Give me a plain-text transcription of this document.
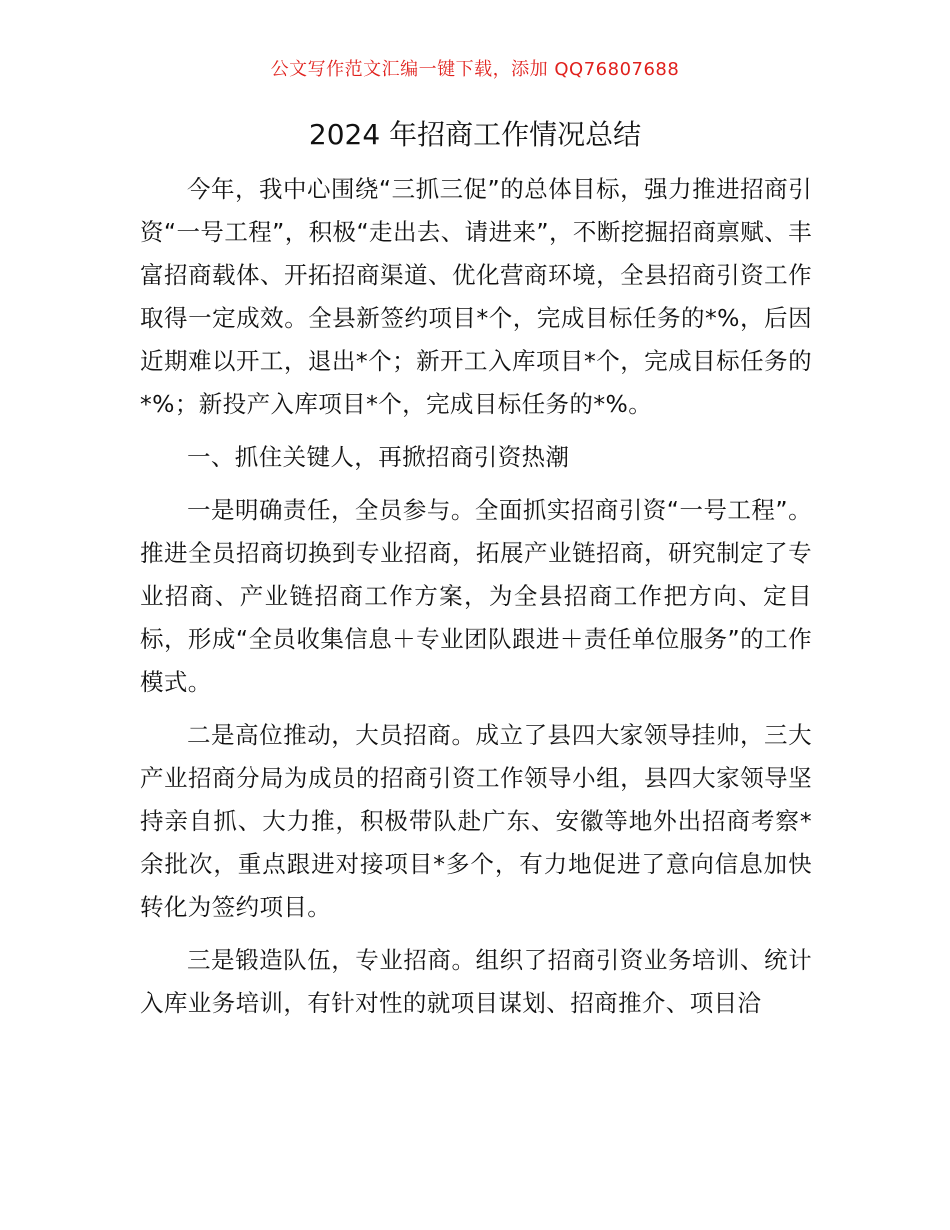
公文写作范文汇编一键下载，添加 QQ76807688
2024 年招商工作情况总结

今年，我中心围绕“三抓三促”的总体目标，强力推进招商引资“一号工程”，积极“走出去、请进来”，不断挖掘招商禀赋、丰富招商载体、开拓招商渠道、优化营商环境，全县招商引资工作取得一定成效。全县新签约项目*个，完成目标任务的*%，后因近期难以开工，退出*个；新开工入库项目*个，完成目标任务的*%；新投产入库项目*个，完成目标任务的*%。

一、抓住关键人，再掀招商引资热潮

一是明确责任，全员参与。全面抓实招商引资“一号工程”。推进全员招商切换到专业招商，拓展产业链招商，研究制定了专业招商、产业链招商工作方案，为全县招商工作把方向、定目标，形成“全员收集信息＋专业团队跟进＋责任单位服务”的工作模式。

二是高位推动，大员招商。成立了县四大家领导挂帅，三大产业招商分局为成员的招商引资工作领导小组，县四大家领导坚持亲自抓、大力推，积极带队赴广东、安徽等地外出招商考察*余批次，重点跟进对接项目*多个，有力地促进了意向信息加快转化为签约项目。

三是锻造队伍，专业招商。组织了招商引资业务培训、统计入库业务培训，有针对性的就项目谋划、招商推介、项目洽
